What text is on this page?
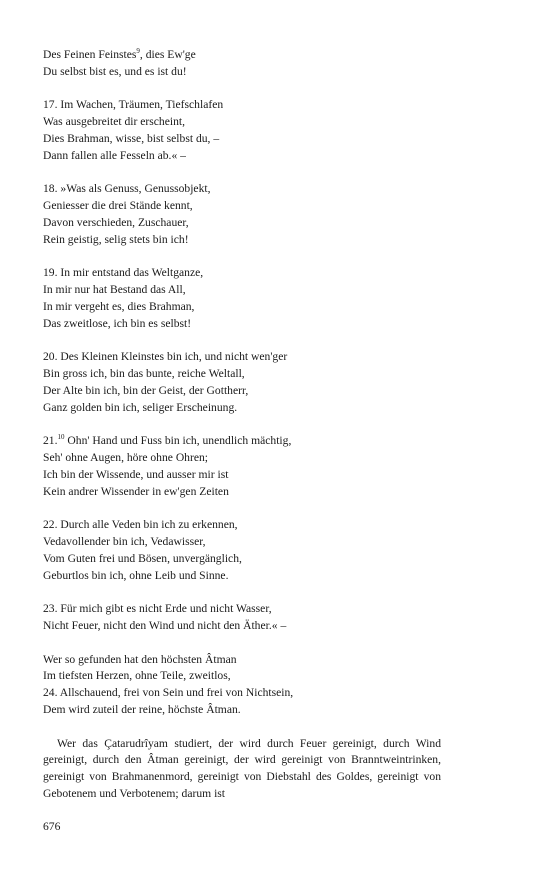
Des Feinen Feinstes$^9$, dies Ew'ge
Du selbst bist es, und es ist du!
17. Im Wachen, Träumen, Tiefschlafen
Was ausgebreitet dir erscheint,
Dies Brahman, wisse, bist selbst du, –
Dann fallen alle Fesseln ab.« –
18. »Was als Genuss, Genussobjekt,
Geniesser die drei Stände kennt,
Davon verschieden, Zuschauer,
Rein geistig, selig stets bin ich!
19. In mir entstand das Weltganze,
In mir nur hat Bestand das All,
In mir vergeht es, dies Brahman,
Das zweitlose, ich bin es selbst!
20. Des Kleinen Kleinstes bin ich, und nicht wen'ger
Bin gross ich, bin das bunte, reiche Weltall,
Der Alte bin ich, bin der Geist, der Gottherr,
Ganz golden bin ich, seliger Erscheinung.
21.10 Ohn' Hand und Fuss bin ich, unendlich mächtig,
Seh' ohne Augen, höre ohne Ohren;
Ich bin der Wissende, und ausser mir ist
Kein andrer Wissender in ew'gen Zeiten
22. Durch alle Veden bin ich zu erkennen,
Vedavollender bin ich, Vedawisser,
Vom Guten frei und Bösen, unvergänglich,
Geburtlos bin ich, ohne Leib und Sinne.
23. Für mich gibt es nicht Erde und nicht Wasser,
Nicht Feuer, nicht den Wind und nicht den Äther.« –
Wer so gefunden hat den höchsten Âtman
Im tiefsten Herzen, ohne Teile, zweitlos,
24. Allschauend, frei von Sein und frei von Nichtsein,
Dem wird zuteil der reine, höchste Âtman.

Wer das Çatarudrîyam studiert, der wird durch Feuer gereinigt, durch Wind gereinigt, durch den Âtman gereinigt, der wird gereinigt von Branntweintrinken, gereinigt von Brahmanenmord, gereinigt von Diebstahl des Goldes, gereinigt von Gebotenem und Verbotenem; darum ist

676
